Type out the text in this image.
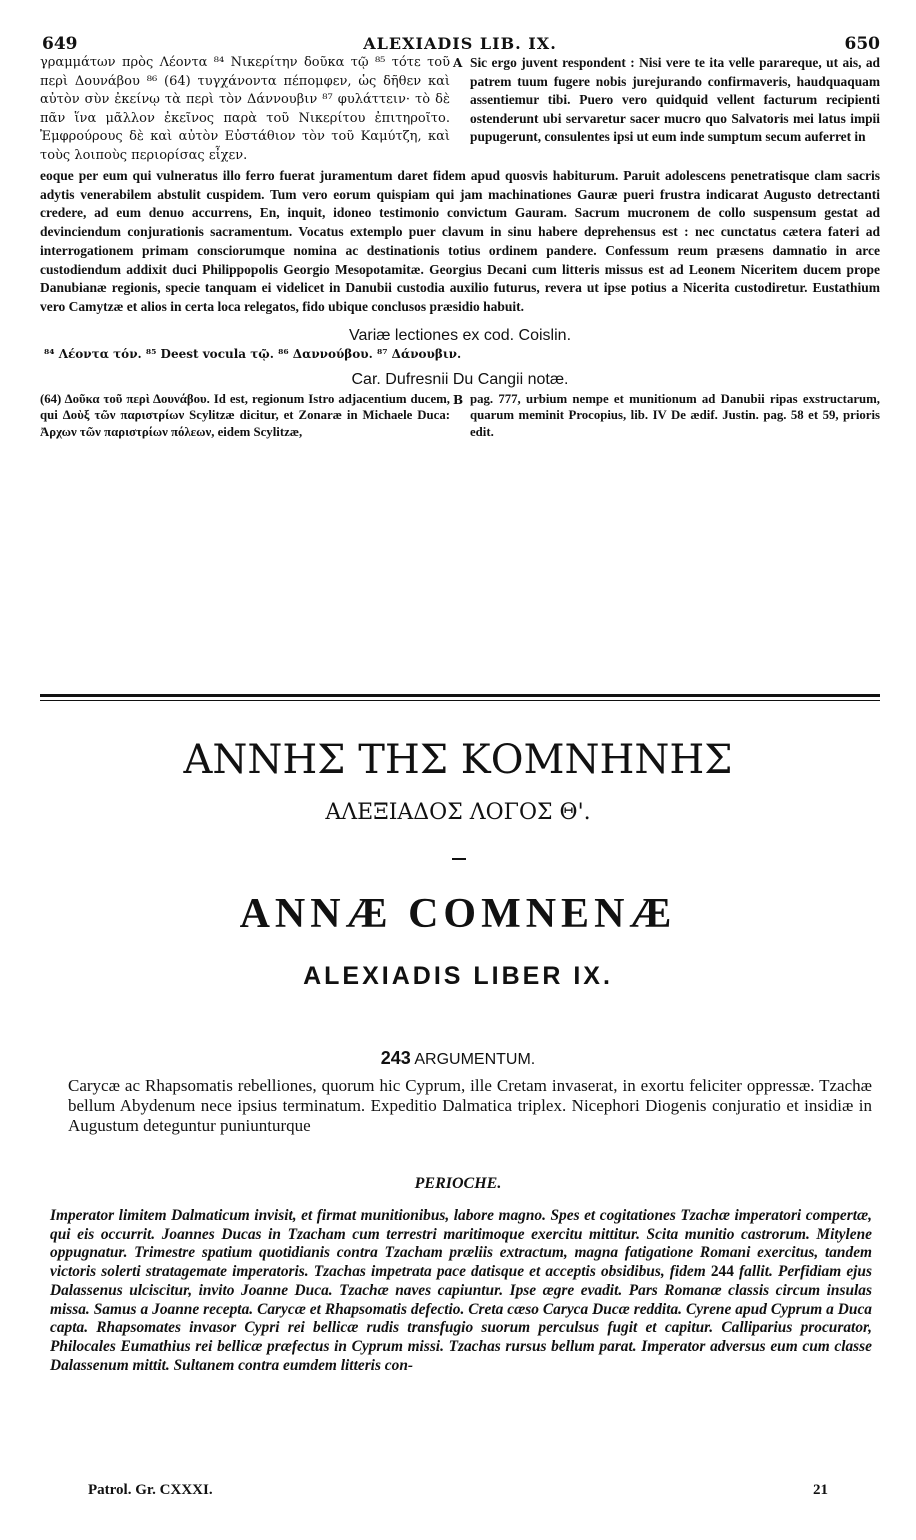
649	ALEXIADIS LIB. IX.	650
γραμμάτων πρὸς Λέοντα ⁸⁴ Νικερίτην δοῦκα τῷ ⁸⁵ τότε τοῦ περὶ Δουνάβου ⁸⁶ (64) τυγχάνοντα πέπομφεν, ὡς δῆθεν καὶ αὐτὸν σὺν ἐκείνῳ τὰ περὶ τὸν Δάννουβιν ⁸⁷ φυλάττειν· τὸ δὲ πᾶν ἵνα μᾶλλον ἐκεῖνος παρὰ τοῦ Νικερίτου ἐπιτηροῖτο. Ἐμφρούρους δὲ καὶ αὐτὸν Εὐστάθιον τὸν τοῦ Καμύτζη, καὶ τοὺς λοιποὺς περιορίσας εἶχεν.
A Sic ergo juvent respondent : Nisi vere te ita velle parareque, ut ais, ad patrem tuum fugere nobis jurejurando confirmaveris, haudquaquam assentiemur tibi. Puero vero quidquid vellent facturum recipienti ostenderunt ubi servaretur sacer mucro quo Salvatoris mei latus impii pupugerunt, consulentes ipsi ut eum inde sumptum secum auferret in
eoque per eum qui vulneratus illo ferro fuerat juramentum daret fidem apud quosvis habiturum. Paruit adolescens penetratisque clam sacris adytis venerabilem abstulit cuspidem. Tum vero eorum quispiam qui jam machinationes Gauræ pueri frustra indicarat Augusto detrectanti credere, ad eum denuo accurrens, En, inquit, idoneo testimonio convictum Gauram. Sacrum mucronem de collo suspensum gestat ad devinciendum conjurationis sacramentum. Vocatus extemplo puer clavum in sinu habere deprehensus est : nec cunctatus cætera fateri ad interrogationem primam consciorumque nomina ac destinationis totius ordinem pandere. Confessum reum præsens damnatio in arce custodiendum addixit duci Philippopolis Georgio Mesopotamitæ. Georgius Decani cum litteris missus est ad Leonem Niceritem ducem prope Danubianæ regionis, specie tanquam ei videlicet in Danubii custodia auxilio futurus, revera ut ipse potius a Nicerita custodiretur. Eustathium vero Camytzæ et alios in certa loca relegatos, fido ubique conclusos præsidio habuit.
Variæ lectiones ex cod. Coislin.
⁸⁴ Λέοντα τόν. ⁸⁵ Deest vocula τῷ. ⁸⁶ Δαννούβου. ⁸⁷ Δάνουβιν.
Car. Dufresnii Du Cangii notæ.
(64) Δοῦκα τοῦ περὶ Δουνάβου. Id est, regionum Istro adjacentium ducem, qui Δοὺξ τῶν παριστρίων Scylitzæ dicitur, et Zonaræ in Michaele Duca: Ἀρχων τῶν παριστρίων πόλεων, eidem Scylitzæ,
B pag. 777, urbium nempe et munitionum ad Danubii ripas exstructarum, quarum meminit Procopius, lib. IV De ædif. Justin. pag. 58 et 59, prioris edit.
ΑΝΝΗΣ ΤΗΣ ΚΟΜΝΗΝΗΣ
ΑΛΕΞΙΑΔΟΣ ΛΟΓΟΣ Θ'.
ANNÆ COMNENÆ
ALEXIADIS LIBER IX.
243 ARGUMENTUM.
Carycæ ac Rhapsomatis rebelliones, quorum hic Cyprum, ille Cretam invaserat, in exortu feliciter oppressæ. Tzachæ bellum Abydenum nece ipsius terminatum. Expeditio Dalmatica triplex. Nicephori Diogenis conjuratio et insidiæ in Augustum deteguntur puniunturque
PERIOCHE.
Imperator limitem Dalmaticum invisit, et firmat munitionibus, labore magno. Spes et cogitationes Tzachæ imperatori compertæ, qui eis occurrit. Joannes Ducas in Tzacham cum terrestri maritimoque exercitu mittitur. Scita munitio castrorum. Mitylene oppugnatur. Trimestre spatium quotidianis contra Tzacham præliis extractum, magna fatigatione Romani exercitus, tandem victoris solerti stratagemate imperatoris. Tzachas impetrata pace datisque et acceptis obsidibus, fidem 244 fallit. Perfidiam ejus Dalassenus ulciscitur, invito Joanne Duca. Tzachæ naves capiuntur. Ipse ægre evadit. Pars Romanæ classis circum insulas missa. Samus a Joanne recepta. Carycæ et Rhapsomatis defectio. Creta cæso Caryca Ducæ reddita. Cyrene apud Cyprum a Duca capta. Rhapsomates invasor Cypri rei bellicæ rudis transfugio suorum perculsus fugit et capitur. Calliparius procurator, Philocales Eumathius rei bellicæ præfectus in Cyprum missi. Tzachas rursus bellum parat. Imperator adversus eum cum classe Dalassenum mittit. Sultanem contra eumdem litteris con-
Patrol. Gr. CXXXI.	21
